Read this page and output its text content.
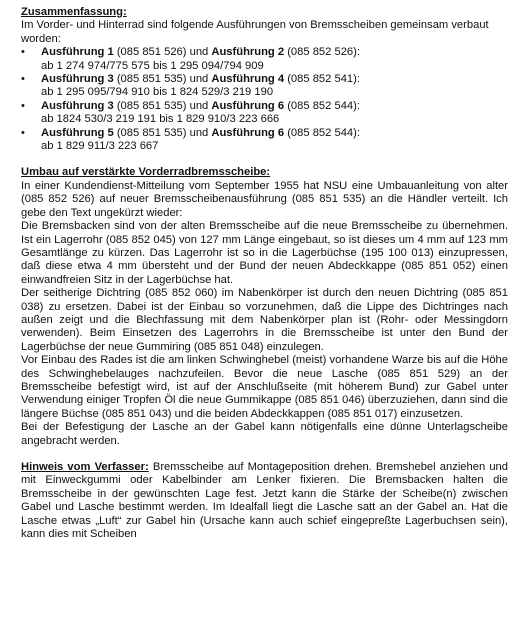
Zusammenfassung:

Im Vorder- und Hinterrad sind folgende Ausführungen von Bremsscheiben gemeinsam verbaut worden:

•	Ausführung 1 (085 851 526) und Ausführung 2 (085 852 526):
ab 1 274 974/775 575 bis 1 295 094/794 909
•	Ausführung 3 (085 851 535) und Ausführung 4 (085 852 541):
ab 1 295 095/794 910 bis 1 824 529/3 219 190
•	Ausführung 3 (085 851 535) und Ausführung 6 (085 852 544):
ab 1824 530/3 219 191 bis 1 829 910/3 223 666
•	Ausführung 5 (085 851 535) und Ausführung 6 (085 852 544):
ab 1 829 911/3 223 667

Umbau auf verstärkte Vorderradbremsscheibe:

In einer Kundendienst-Mitteilung vom September 1955 hat NSU eine Umbauanleitung von alter (085 852 526) auf neuer Bremsscheibenausführung (085 851 535) an die Händler verteilt. Ich gebe den Text ungekürzt wieder:

Die Bremsbacken sind von der alten Bremsscheibe auf die neue Bremsscheibe zu übernehmen. Ist ein Lagerrohr (085 852 045) von 127 mm Länge eingebaut, so ist dieses um 4 mm auf 123 mm Gesamtlänge zu kürzen. Das Lagerrohr ist so in die Lagerbüchse (195 100 013) einzupressen, daß diese etwa 4 mm übersteht und der Bund der neuen Abdeckkappe (085 851 052) einen einwandfreien Sitz in der Lagerbüchse hat.

Der seitherige Dichtring (085 852 060) im Nabenkörper ist durch den neuen Dichtring (085 851 038) zu ersetzen. Dabei ist der Einbau so vorzunehmen, daß die Lippe des Dichtringes nach außen zeigt und die Blechfassung mit dem Nabenkörper plan ist (Rohr- oder Messingdorn verwenden). Beim Einsetzen des Lagerrohrs in die Bremsscheibe ist unter den Bund der Lagerbüchse der neue Gummiring (085 851 048) einzulegen.

Vor Einbau des Rades ist die am linken Schwinghebel (meist) vorhandene Warze bis auf die Höhe des Schwinghebelauges nachzufeilen. Bevor die neue Lasche (085 851 529) an der Bremsscheibe befestigt wird, ist auf der Anschlußseite (mit höherem Bund) zur Gabel unter Verwendung einiger Tropfen Öl die neue Gummikappe (085 851 046) überzuziehen, dann sind die längere Büchse (085 851 043) und die beiden Abdeckkappen (085 851 017) einzusetzen.

Bei der Befestigung der Lasche an der Gabel kann nötigenfalls eine dünne Unterlagscheibe angebracht werden.

Hinweis vom Verfasser: Bremsscheibe auf Montageposition drehen. Bremshebel anziehen und mit Einweckgummi oder Kabelbinder am Lenker fixieren. Die Bremsbacken halten die Bremsscheibe in der gewünschten Lage fest. Jetzt kann die Stärke der Scheibe(n) zwischen Gabel und Lasche bestimmt werden. Im Idealfall liegt die Lasche satt an der Gabel an. Hat die Lasche etwas „Luft“ zur Gabel hin (Ursache kann auch schief eingepreßte Lagerbuchsen sein), kann dies mit Scheiben
